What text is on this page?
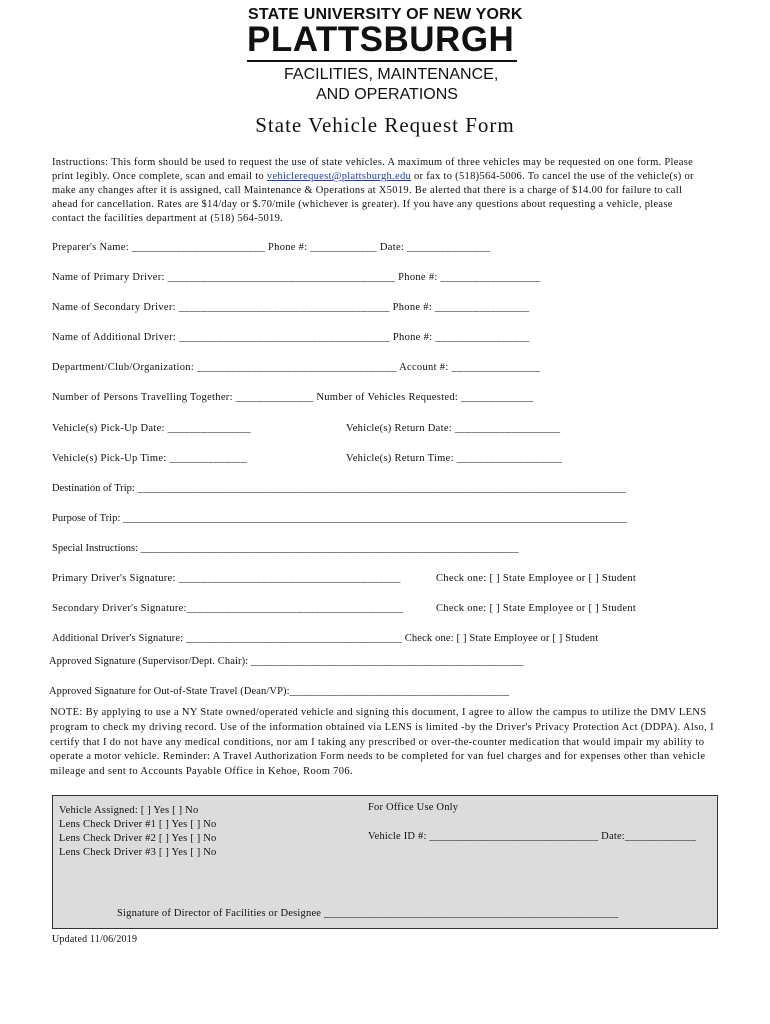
STATE UNIVERSITY OF NEW YORK
PLATTSBURGH
FACILITIES, MAINTENANCE,
AND OPERATIONS
State Vehicle Request Form
Instructions: This form should be used to request the use of state vehicles. A maximum of three vehicles may be requested on one form. Please print legibly. Once complete, scan and email to vehiclerequest@plattsburgh.edu or fax to (518)564-5006. To cancel the use of the vehicle(s) or make any changes after it is assigned, call Maintenance & Operations at X5019. Be alerted that there is a charge of $14.00 for failure to call ahead for cancellation. Rates are $14/day or $.70/mile (whichever is greater). If you have any questions about requesting a vehicle, please contact the facilities department at (518) 564-5019.
Preparer's Name: ________________________ Phone #: ____________ Date: _______________
Name of Primary Driver: _________________________________________ Phone #: __________________
Name of Secondary Driver: ______________________________________ Phone #: _________________
Name of Additional Driver: ______________________________________ Phone #: _________________
Department/Club/Organization: ____________________________________ Account #: ________________
Number of Persons Travelling Together: ______________ Number of Vehicles Requested: _____________
Vehicle(s) Pick-Up Date: _______________	Vehicle(s) Return Date: ___________________
Vehicle(s) Pick-Up Time: ______________	Vehicle(s) Return Time: ___________________
Destination of Trip: _____________________________________________________________________________________________
Purpose of Trip: ________________________________________________________________________________________________
Special Instructions: ________________________________________________________________________
Primary Driver's Signature: ________________________________________	Check one: [ ] State Employee or [ ] Student
Secondary Driver's Signature:_______________________________________	Check one: [ ] State Employee or [ ] Student
Additional Driver's Signature: ________________________________________ Check one: [ ] State Employee or [ ] Student
Approved Signature (Supervisor/Dept. Chair): ___________________________________________________
Approved Signature for Out-of-State Travel (Dean/VP):_________________________________________
NOTE: By applying to use a NY State owned/operated vehicle and signing this document, I agree to allow the campus to utilize the DMV LENS program to check my driving record. Use of the information obtained via LENS is limited -by the Driver's Privacy Protection Act (DDPA). Also, I certify that I do not have any medical conditions, nor am I taking any prescribed or over-the-counter medication that would impair my ability to operate a motor vehicle. Reminder: A Travel Authorization Form needs to be completed for van fuel charges and for expenses other than vehicle mileage and sent to Accounts Payable Office in Kehoe, Room 706.
Vehicle Assigned: [ ] Yes [ ] No
Lens Check Driver #1 [ ] Yes [ ] No
Lens Check Driver #2 [ ] Yes [ ] No
Lens Check Driver #3 [ ] Yes [ ] No
For Office Use Only
Vehicle ID #: _______________________________ Date:_____________
Signature of Director of Facilities or Designee ______________________________________________________
Updated 11/06/2019
